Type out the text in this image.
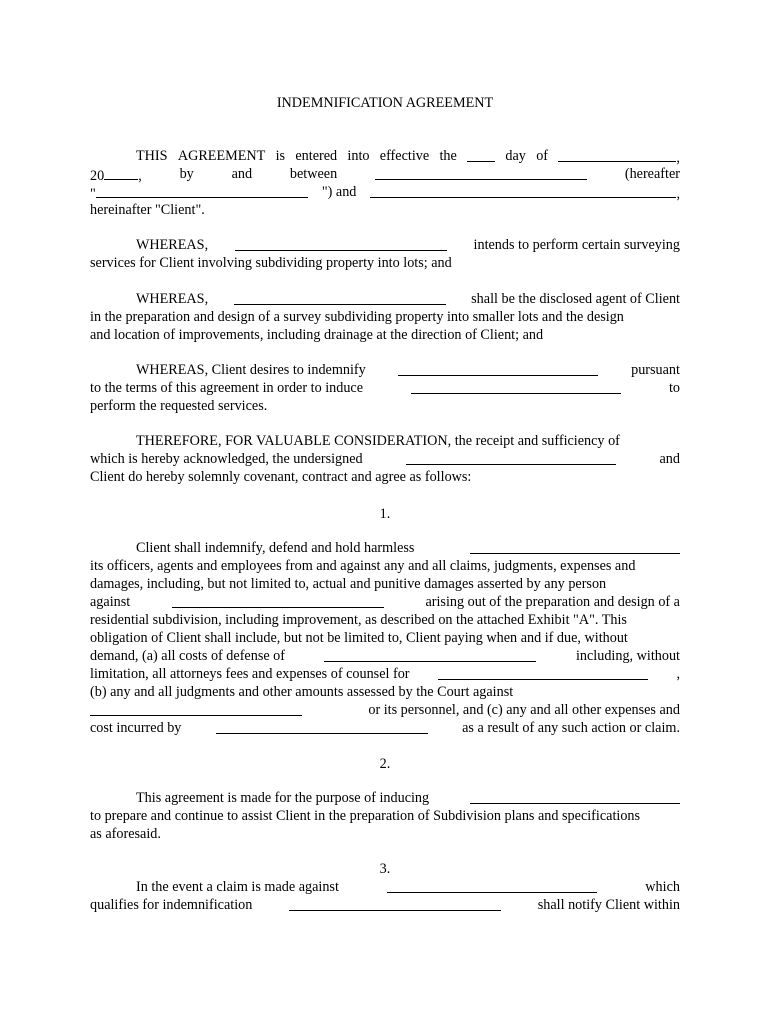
INDEMNIFICATION AGREEMENT
THIS AGREEMENT is entered into effective the	day of	,
20 ,	by	and	between	(hereafter
"	") and	,
hereinafter "Client".
WHEREAS,	intends to perform certain surveying
services for Client involving subdividing property into lots; and
WHEREAS,	shall be the disclosed agent of Client
in the preparation and design of a survey subdividing property into smaller lots and the design
and location of improvements, including drainage at the direction of Client; and
WHEREAS, Client desires to indemnify	pursuant
to the terms of this agreement in order to induce	to
perform the requested services.
THEREFORE, FOR VALUABLE CONSIDERATION, the receipt and sufficiency of
which is hereby acknowledged, the undersigned	and
Client do hereby solemnly covenant, contract and agree as follows:
1.
Client shall indemnify, defend and hold harmless
its officers, agents and employees from and against any and all claims, judgments, expenses and
damages, including, but not limited to, actual and punitive damages asserted by any person
against	arising out of the preparation and design of a
residential subdivision, including improvement, as described on the attached Exhibit "A". This
obligation of Client shall include, but not be limited to, Client paying when and if due, without
demand, (a) all costs of defense of	including, without
limitation, all attorneys fees and expenses of counsel for	,
(b) any and all judgments and other amounts assessed by the Court against
or its personnel, and (c) any and all other expenses and
cost incurred by	as a result of any such action or claim.
2.
This agreement is made for the purpose of inducing
to prepare and continue to assist Client in the preparation of Subdivision plans and specifications
as aforesaid.
3.
In the event a claim is made against	which
qualifies for indemnification	shall notify Client within
